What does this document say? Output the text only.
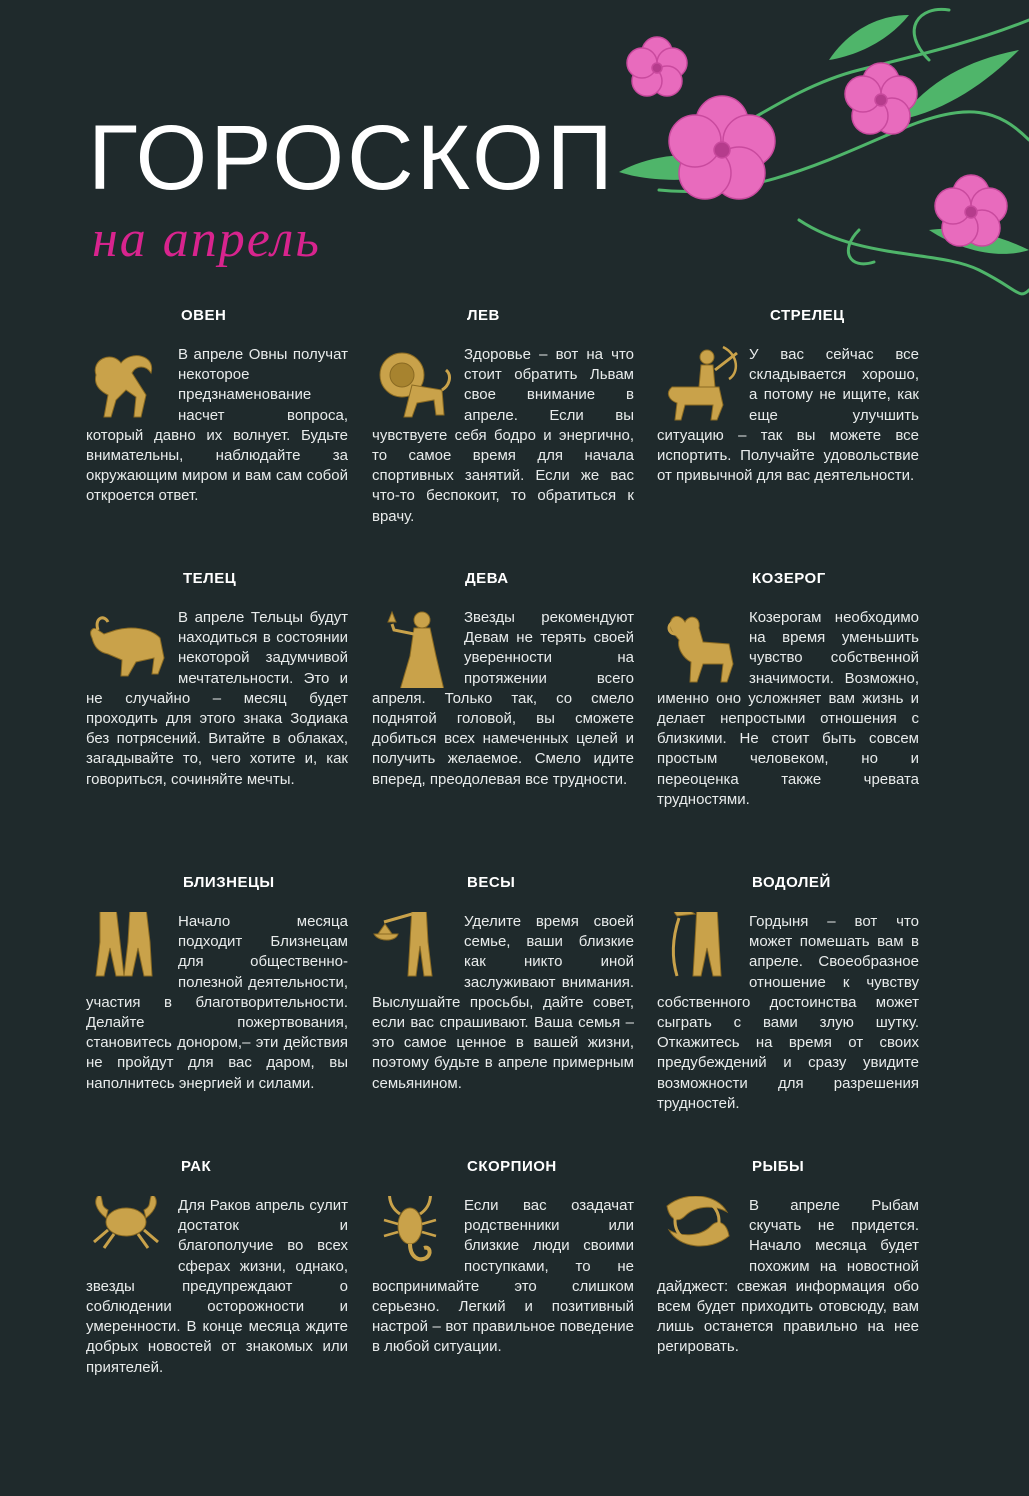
ГОРОСКОП
на апрель
ОВЕН
В апреле Овны получат некоторое предзнаменование насчет вопроса, который давно их волнует. Будьте внимательны, наблюдайте за окружающим миром и вам сам собой откроется ответ.
ЛЕВ
Здоровье – вот на что стоит обратить Львам свое внимание в апреле. Если вы чувствуете себя бодро и энергично, то самое время для начала спортивных занятий. Если же вас что-то беспокоит, то обратиться к врачу.
СТРЕЛЕЦ
У вас сейчас все складывается хорошо, а потому не ищите, как еще улучшить ситуацию – так вы можете все испортить. Получайте удовольствие от привычной для вас деятельности.
ТЕЛЕЦ
В апреле Тельцы будут находиться в состоянии некоторой задумчивой мечтательности. Это и не случайно – месяц будет проходить для этого знака Зодиака без потрясений. Витайте в облаках, загадывайте то, чего хотите и, как говориться, сочиняйте мечты.
ДЕВА
Звезды рекомендуют Девам не терять своей уверенности на протяжении всего апреля. Только так, со смело поднятой головой, вы сможете добиться всех намеченных целей и получить желаемое. Смело идите вперед, преодолевая все трудности.
КОЗЕРОГ
Козерогам необходимо на время уменьшить чувство собственной значимости. Возможно, именно оно усложняет вам жизнь и делает непростыми отношения с близкими. Не стоит быть совсем простым человеком, но и переоценка также чревата трудностями.
БЛИЗНЕЦЫ
Начало месяца подходит Близнецам для общественно-полезной деятельности, участия в благотворительности. Делайте пожертвования, становитесь донором,– эти действия не пройдут для вас даром, вы наполнитесь энергией и силами.
ВЕСЫ
Уделите время своей семье, ваши близкие как никто иной заслуживают внимания. Выслушайте просьбы, дайте совет, если вас спрашивают. Ваша семья – это самое ценное в вашей жизни, поэтому будьте в апреле примерным семьянином.
ВОДОЛЕЙ
Гордыня – вот что может помешать вам в апреле. Своеобразное отношение к чувству собственного достоинства может сыграть с вами злую шутку. Откажитесь на время от своих предубеждений и сразу увидите возможности для разрешения трудностей.
РАК
Для Раков апрель сулит достаток и благополучие во всех сферах жизни, однако, звезды предупреждают о соблюдении осторожности и умеренности. В конце месяца ждите добрых новостей от знакомых или приятелей.
СКОРПИОН
Если вас озадачат родственники или близкие люди своими поступками, то не воспринимайте это слишком серьезно. Легкий и позитивный настрой – вот правильное поведение в любой ситуации.
РЫБЫ
В апреле Рыбам скучать не придется. Начало месяца будет похожим на новостной дайджест: свежая информация обо всем будет приходить отовсюду, вам лишь останется правильно на нее регировать.
